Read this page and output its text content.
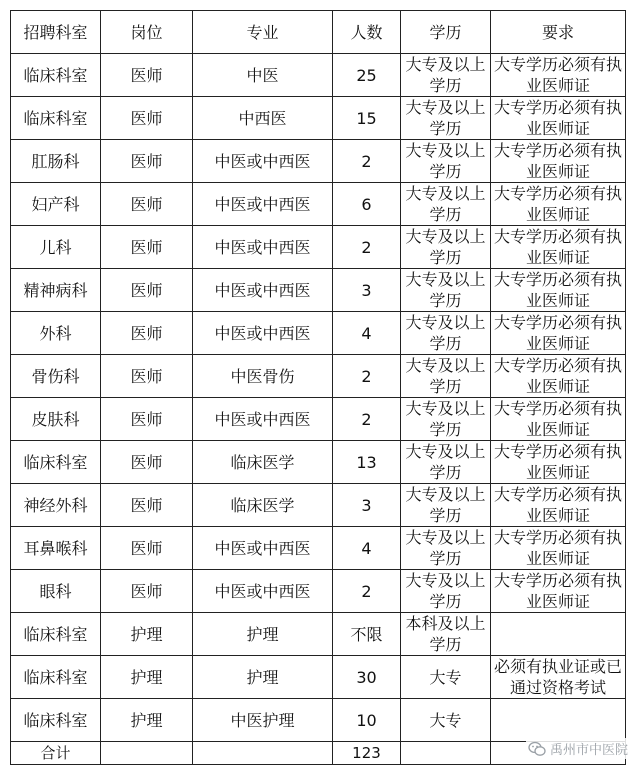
招聘科室	岗位	专业	人数	学历	要求
临床科室	医师	中医	25	大专及以上学历	大专学历必须有执业医师证
临床科室	医师	中西医	15	大专及以上学历	大专学历必须有执业医师证
肛肠科	医师	中医或中西医	2	大专及以上学历	大专学历必须有执业医师证
妇产科	医师	中医或中西医	6	大专及以上学历	大专学历必须有执业医师证
儿科	医师	中医或中西医	2	大专及以上学历	大专学历必须有执业医师证
精神病科	医师	中医或中西医	3	大专及以上学历	大专学历必须有执业医师证
外科	医师	中医或中西医	4	大专及以上学历	大专学历必须有执业医师证
骨伤科	医师	中医骨伤	2	大专及以上学历	大专学历必须有执业医师证
皮肤科	医师	中医或中西医	2	大专及以上学历	大专学历必须有执业医师证
临床科室	医师	临床医学	13	大专及以上学历	大专学历必须有执业医师证
神经外科	医师	临床医学	3	大专及以上学历	大专学历必须有执业医师证
耳鼻喉科	医师	中医或中西医	4	大专及以上学历	大专学历必须有执业医师证
眼科	医师	中医或中西医	2	大专及以上学历	大专学历必须有执业医师证
临床科室	护理	护理	不限	本科及以上学历	
临床科室	护理	护理	30	大专	必须有执业证或已通过资格考试
临床科室	护理	中医护理	10	大专	
合计			123			禹州市中医院
